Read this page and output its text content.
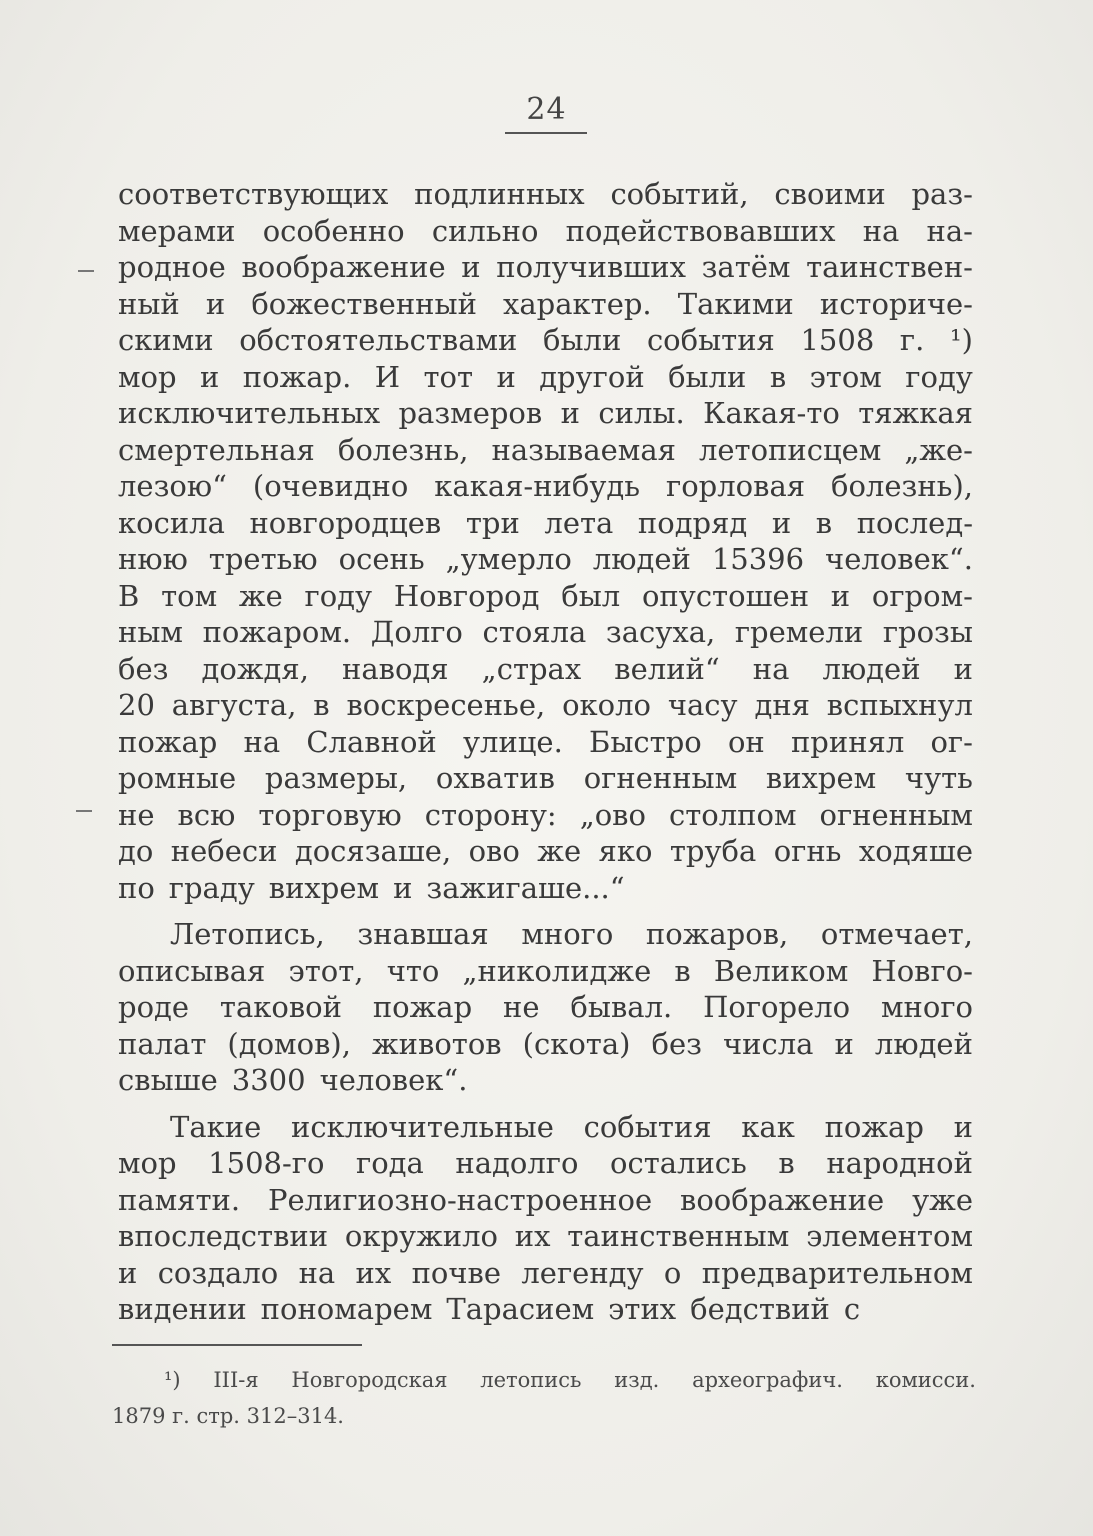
24
соответствующих подлинных событий, своими раз-
мерами особенно сильно подействовавших на на-
родное воображение и получивших затём таинствен-
ный и божественный характер. Такими историче-
скими обстоятельствами были события 1508 г. ¹)
мор и пожар. И тот и другой были в этом году
исключительных размеров и силы. Какая-то тяжкая
смертельная болезнь, называемая летописцем „же-
лезою“ (очевидно какая-нибудь горловая болезнь),
косила новгородцев три лета подряд и в послед-
нюю третью осень „умерло людей 15396 человек“.
В том же году Новгород был опустошен и огром-
ным пожаром. Долго стояла засуха, гремели грозы
без дождя, наводя „страх велий“ на людей и
20 августа, в воскресенье, около часу дня вспыхнул
пожар на Славной улице. Быстро он принял ог-
ромные размеры, охватив огненным вихрем чуть
не всю торговую сторону: „ово столпом огненным
до небеси досязаше, ово же яко труба огнь ходяше
по граду вихрем и зажигаше...“
Летопись, знавшая много пожаров, отмечает,
описывая этот, что „николидже в Великом Новго-
роде таковой пожар не бывал. Погорело много
палат (домов), животов (скота) без числа и людей
свыше 3300 человек“.
Такие исключительные события как пожар и
мор 1508-го года надолго остались в народной
памяти. Религиозно-настроенное воображение уже
впоследствии окружило их таинственным элементом
и создало на их почве легенду о предварительном
видении пономарем Тарасием этих бедствий с
¹) III-я Новгородская летопись изд. археографич. комисси.
1879 г. стр. 312–314.
